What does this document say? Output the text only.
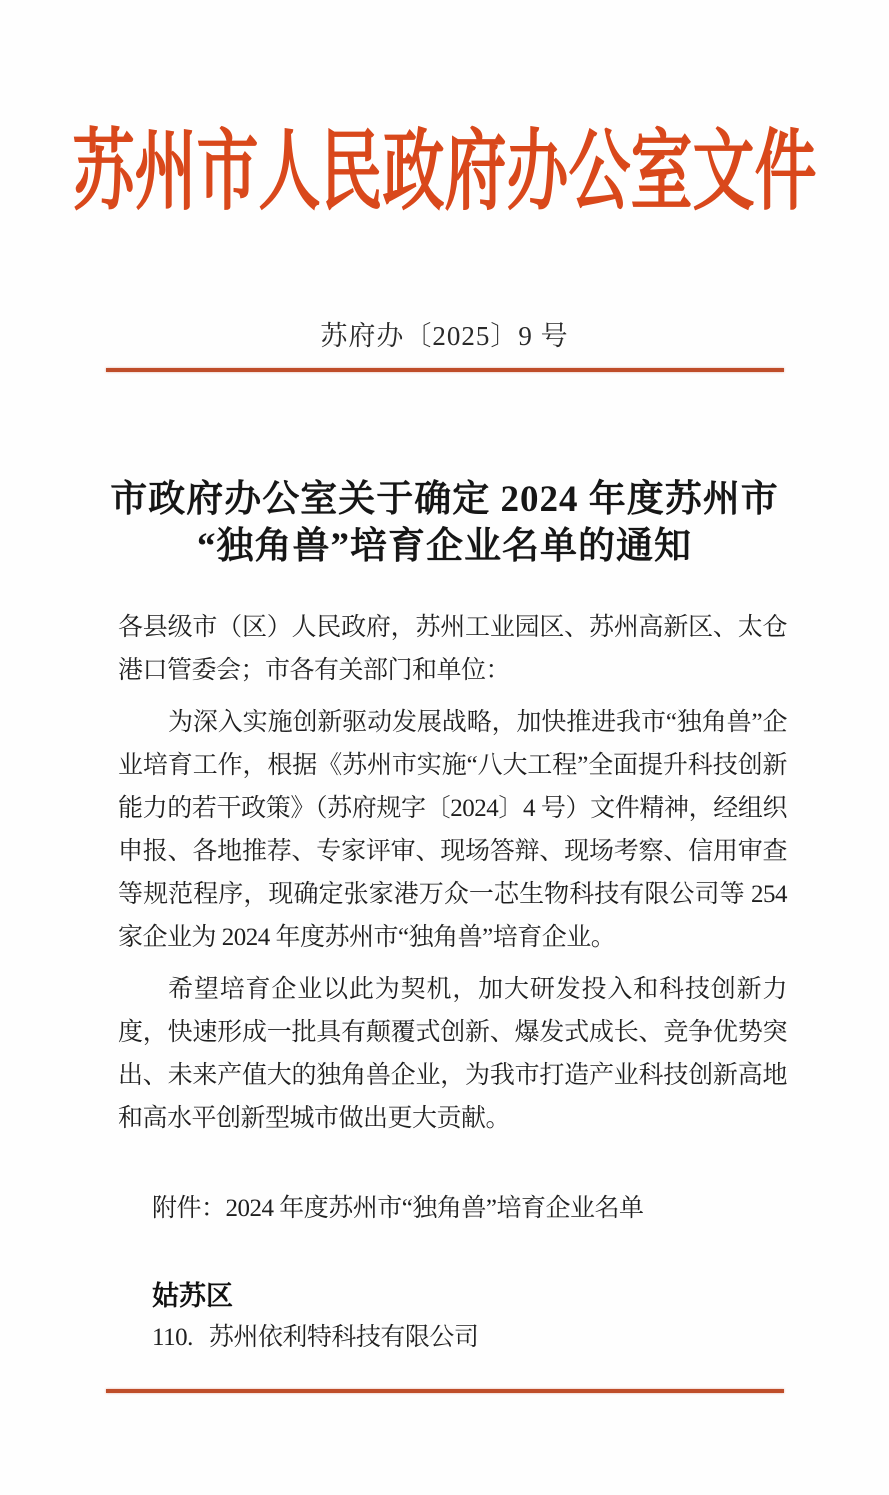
苏州市人民政府办公室文件
苏府办〔2025〕9 号
市政府办公室关于确定 2024 年度苏州市
“独角兽”培育企业名单的通知

各县级市（区）人民政府，苏州工业园区、苏州高新区、太仓港口管委会；市各有关部门和单位：

为深入实施创新驱动发展战略，加快推进我市“独角兽”企业培育工作，根据《苏州市实施“八大工程”全面提升科技创新能力的若干政策》（苏府规字〔2024〕4 号）文件精神，经组织申报、各地推荐、专家评审、现场答辩、现场考察、信用审查等规范程序，现确定张家港万众一芯生物科技有限公司等 254 家企业为 2024 年度苏州市“独角兽”培育企业。

希望培育企业以此为契机，加大研发投入和科技创新力度，快速形成一批具有颠覆式创新、爆发式成长、竞争优势突出、未来产值大的独角兽企业，为我市打造产业科技创新高地和高水平创新型城市做出更大贡献。

附件：2024 年度苏州市“独角兽”培育企业名单
姑苏区
110. 苏州依利特科技有限公司
